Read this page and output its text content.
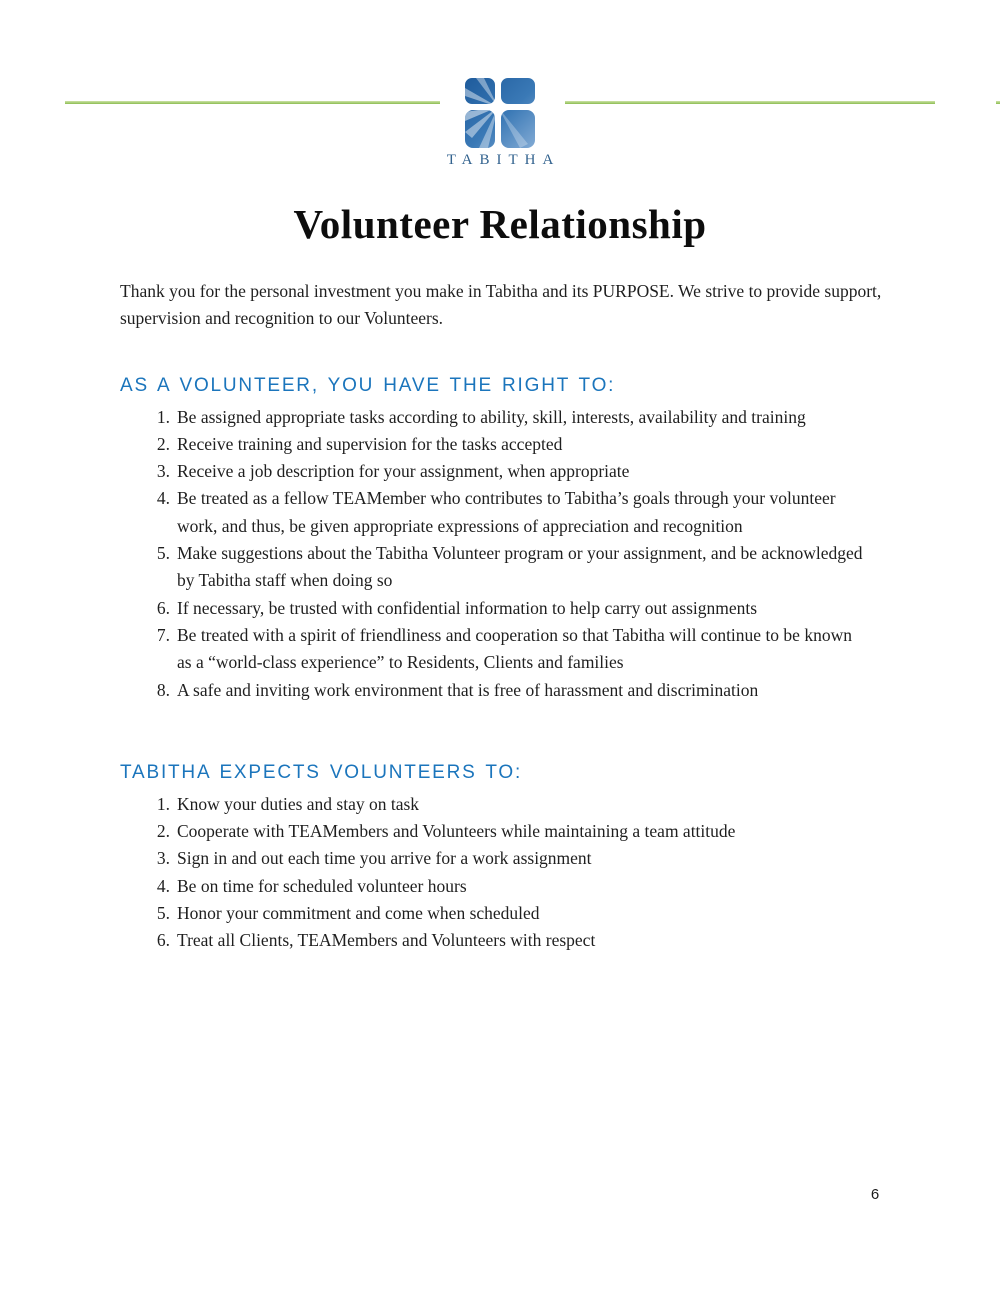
TABITHA
Volunteer Relationship

Thank you for the personal investment you make in Tabitha and its PURPOSE. We strive to provide support, supervision and recognition to our Volunteers.

AS A VOLUNTEER, YOU HAVE THE RIGHT TO:
Be assigned appropriate tasks according to ability, skill, interests, availability and training
Receive training and supervision for the tasks accepted
Receive a job description for your assignment, when appropriate
Be treated as a fellow TEAMember who contributes to Tabitha’s goals through your volunteer work, and thus, be given appropriate expressions of appreciation and recognition
Make suggestions about the Tabitha Volunteer program or your assignment, and be acknowledged by Tabitha staff when doing so
If necessary, be trusted with confidential information to help carry out assignments
Be treated with a spirit of friendliness and cooperation so that Tabitha will continue to be known as a “world-class experience” to Residents, Clients and families
A safe and inviting work environment that is free of harassment and discrimination
TABITHA EXPECTS VOLUNTEERS TO:
Know your duties and stay on task
Cooperate with TEAMembers and Volunteers while maintaining a team attitude
Sign in and out each time you arrive for a work assignment
Be on time for scheduled volunteer hours
Honor your commitment and come when scheduled
Treat all Clients, TEAMembers and Volunteers with respect
6
